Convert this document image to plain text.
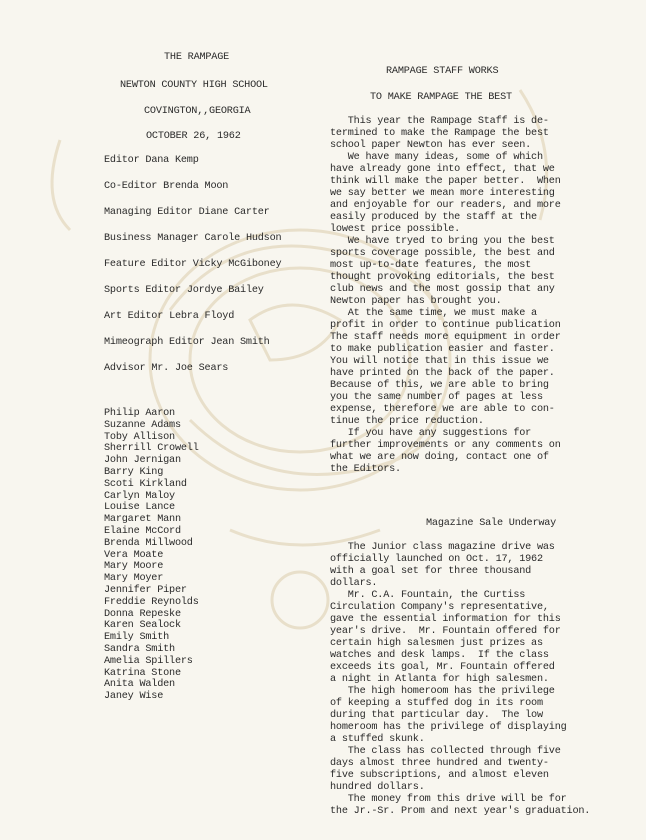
THE RAMPAGE
NEWTON COUNTY HIGH SCHOOL
COVINGTON,,GEORGIA
OCTOBER 26, 1962
Editor Dana Kemp
Co-Editor Brenda Moon
Managing Editor Diane Carter
Business Manager Carole Hudson
Feature Editor Vicky McGiboney
Sports Editor Jordye Bailey
Art Editor Lebra Floyd
Mimeograph Editor Jean Smith
Advisor Mr. Joe Sears
Philip Aaron
Suzanne Adams
Toby Allison
Sherrill Crowell
John Jernigan
Barry King
Scoti Kirkland
Carlyn Maloy
Louise Lance
Margaret Mann
Elaine McCord
Brenda Millwood
Vera Moate
Mary Moore
Mary Moyer
Jennifer Piper
Freddie Reynolds
Donna Repeske
Karen Sealock
Emily Smith
Sandra Smith
Amelia Spillers
Katrina Stone
Anita Walden
Janey Wise
RAMPAGE STAFF WORKS
TO MAKE RAMPAGE THE BEST

This year the Rampage Staff is de-
termined to make the Rampage the best
school paper Newton has ever seen.

We have many ideas, some of which
have already gone into effect, that we
think will make the paper better.  When
we say better we mean more interesting
and enjoyable for our readers, and more
easily produced by the staff at the
lowest price possible.

We have tryed to bring you the best
sports coverage possible, the best and
most up-to-date features, the most
thought provoking editorials, the best
club news and the most gossip that any
Newton paper has brought you.

At the same time, we must make a
profit in order to continue publication
The staff needs more equipment in order
to make publication easier and faster.
You will notice that in this issue we
have printed on the back of the paper.
Because of this, we are able to bring
you the same number of pages at less
expense, therefore we are able to con-
tinue the price reduction.

If you have any suggestions for
further improvements or any comments on
what we are now doing, contact one of
the Editors.

Magazine Sale Underway

The Junior class magazine drive was
officially launched on Oct. 17, 1962
with a goal set for three thousand
dollars.

Mr. C.A. Fountain, the Curtiss
Circulation Company's representative,
gave the essential information for this
year's drive.  Mr. Fountain offered for
certain high salesmen just prizes as
watches and desk lamps.  If the class
exceeds its goal, Mr. Fountain offered
a night in Atlanta for high salesmen.

The high homeroom has the privilege
of keeping a stuffed dog in its room
during that particular day.  The low
homeroom has the privilege of displaying
a stuffed skunk.

The class has collected through five
days almost three hundred and twenty-
five subscriptions, and almost eleven
hundred dollars.

The money from this drive will be for
the Jr.-Sr. Prom and next year's graduation.
